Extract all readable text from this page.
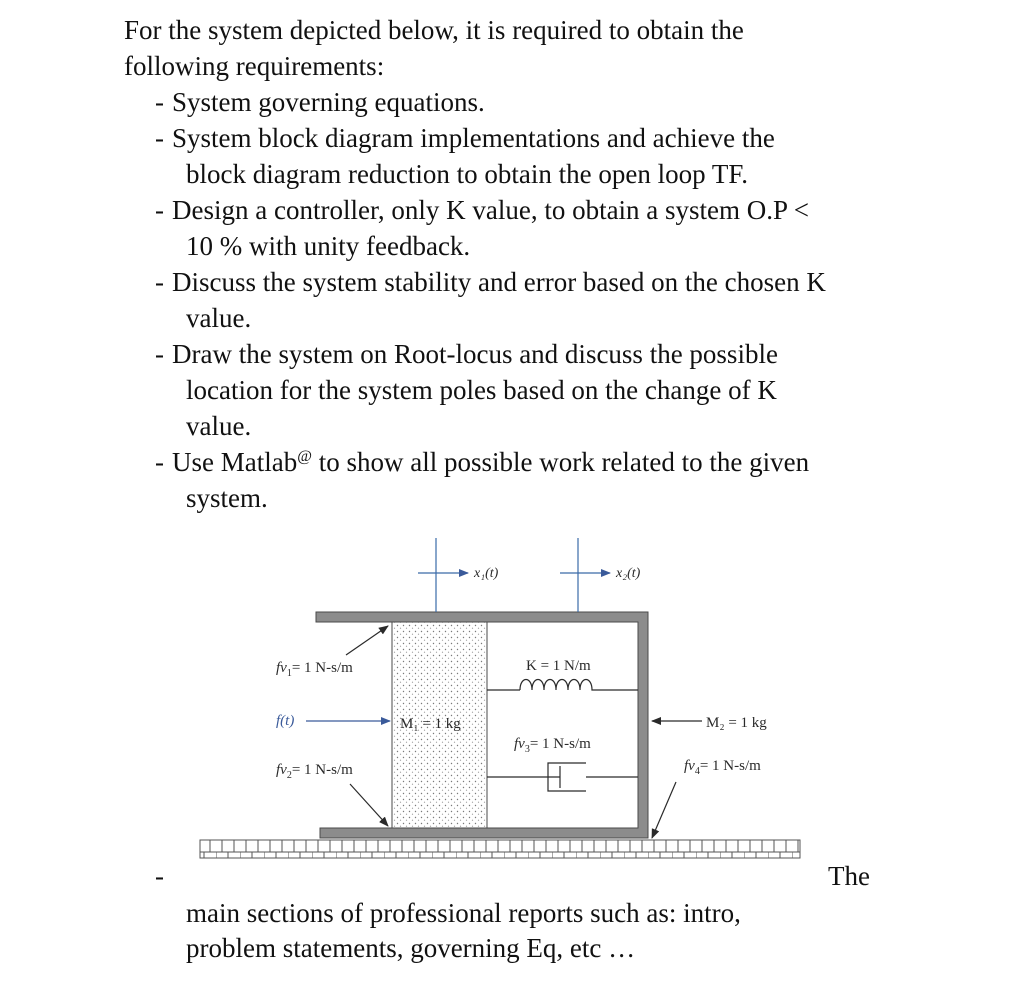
For the system depicted below, it is required to obtain the
following requirements:
- System governing equations.
- System block diagram implementations and achieve the
block diagram reduction to obtain the open loop TF.
- Design a controller, only K value, to obtain a system O.P <
10 % with unity feedback.
- Discuss the system stability and error based on the chosen K
value.
- Draw the system on Root-locus and discuss the possible
location for the system poles based on the change of K
value.
- Use Matlab@ to show all possible work related to the given
system.
x₁(t)	x₂(t)
K = 1 N/m
$fv_3= 1$ N-s/m
$fv_1= 1$ N-s/m
f(t)	M₁ = 1 kg
$fv_2= 1$ N-s/m
M₂ = 1 kg
$fv_4= 1$ N-s/m
-	The
main sections of professional reports such as: intro,
problem statements, governing Eq, etc …
